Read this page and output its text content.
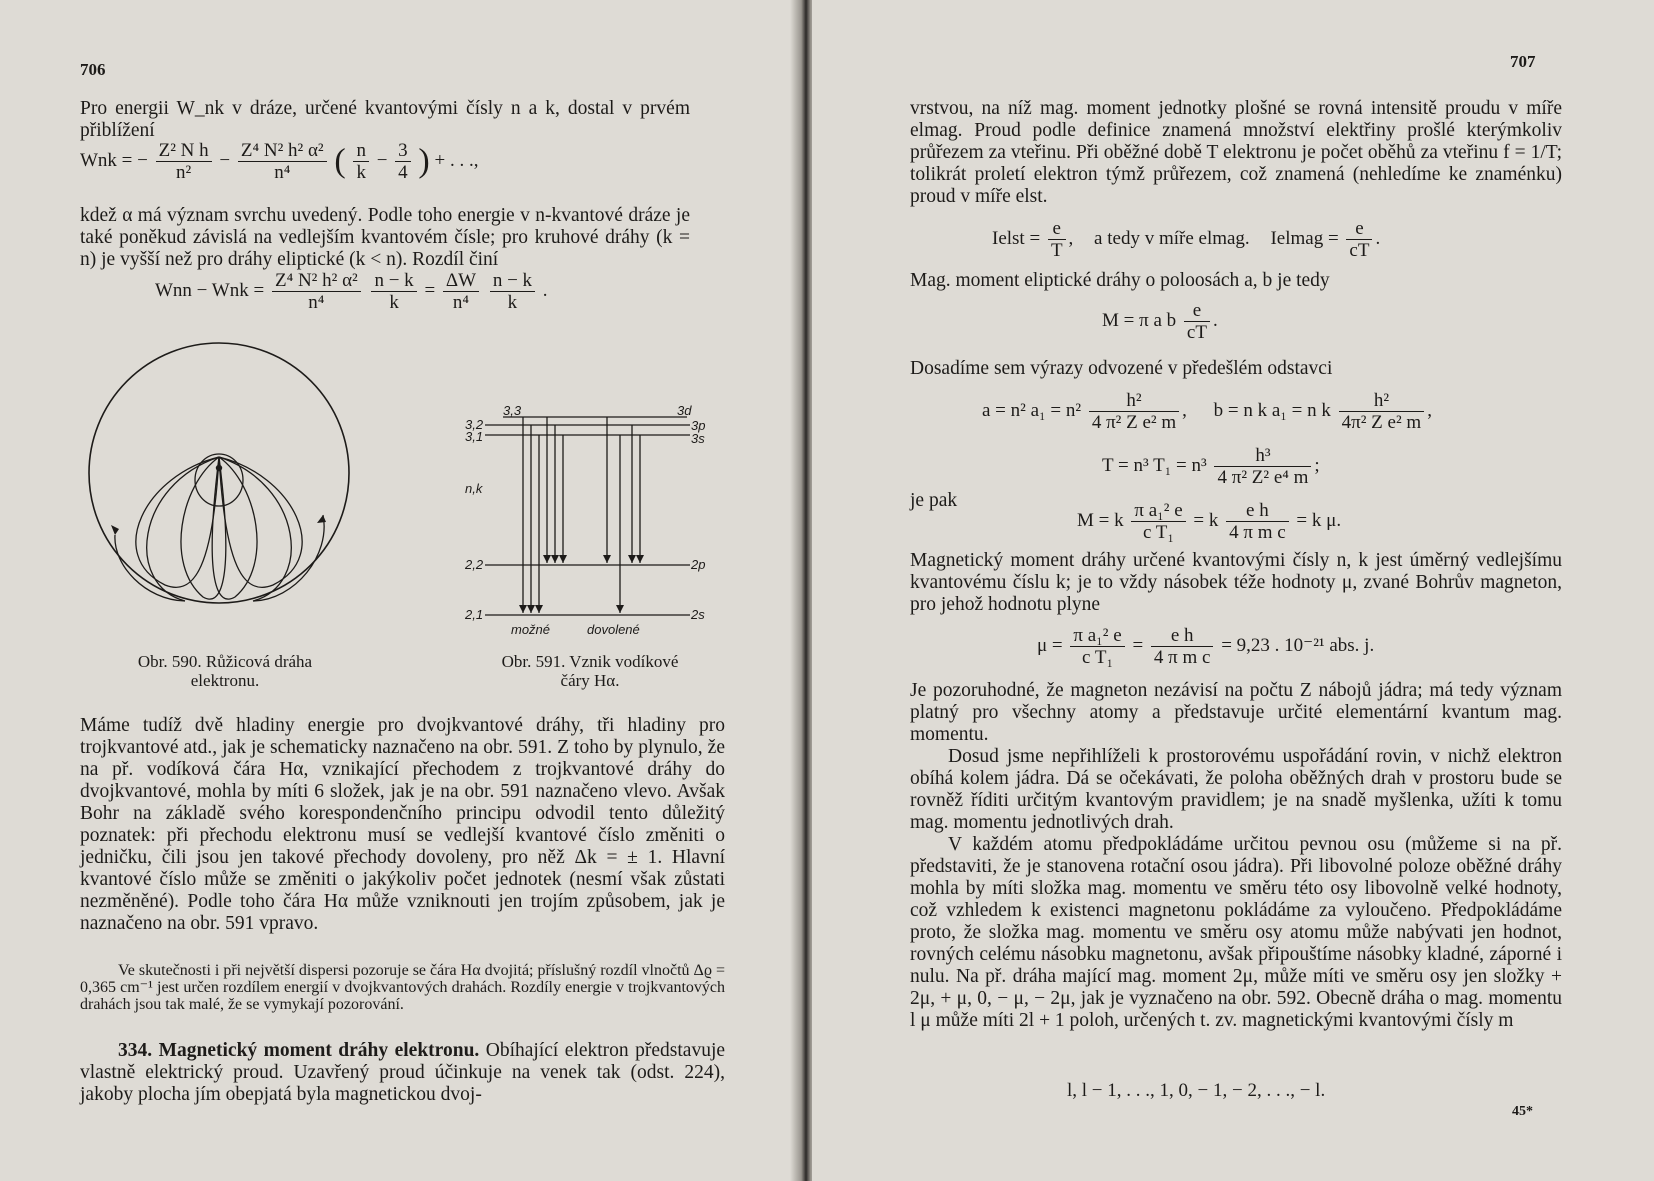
706
Pro energii W_nk v dráze, určené kvantovými čísly n a k, dostal v prvém přiblížení
Wnk = − $\frac{\text{Z² N h}}{\text{n²}} - \frac{\text{Z⁴ N² h² α²}}{\text{n⁴}}$ ( $\frac{n}{k} - \frac{3}{4}$ ) + . . .,
kdež α má význam svrchu uvedený. Podle toho energie v n-kvantové dráze je také poněkud závislá na vedlejším kvantovém čísle; pro kruhové dráhy (k = n) je vyšší než pro dráhy eliptické (k < n). Rozdíl činí
Wnn − Wnk = $\frac{\text{Z⁴ N² h² α²}}{\text{n⁴}}$
$\frac{n - k}{k} = \frac{\Delta W}{\text{n⁴}}$
$\frac{n - k}{k}$ .
Obr. 590. Růžicová dráha
elektronu.
3,3
3,2
3,1
n,k
2,2
2,1
3d
3p
3s
2p
2s
možné	dovolené
Obr. 591. Vznik vodíkové
čáry Hα.
Máme tudíž dvě hladiny energie pro dvojkvantové dráhy, tři hladiny pro trojkvantové atd., jak je schematicky naznačeno na obr. 591. Z toho by plynulo, že na př. vodíková čára Hα, vznikající přechodem z trojkvantové dráhy do dvojkvantové, mohla by míti 6 složek, jak je na obr. 591 naznačeno vlevo. Avšak Bohr na základě svého korespondenčního principu odvodil tento důležitý poznatek: při přechodu elektronu musí se vedlejší kvantové číslo změniti o jedničku, čili jsou jen takové přechody dovoleny, pro něž Δk = ± 1. Hlavní kvantové číslo může se změniti o jakýkoliv počet jednotek (nesmí však zůstati nezměněné). Podle toho čára Hα může vzniknouti jen trojím způsobem, jak je naznačeno na obr. 591 vpravo.
Ve skutečnosti i při největší dispersi pozoruje se čára Hα dvojitá; příslušný rozdíl vlnočtů Δϱ = 0,365 cm⁻¹ jest určen rozdílem energií v dvojkvantových drahách. Rozdíly energie v trojkvantových drahách jsou tak malé, že se vymykají pozorování.

334. Magnetický moment dráhy elektronu. Obíhající elektron představuje vlastně elektrický proud. Uzavřený proud účinkuje na venek tak (odst. 224), jakoby plocha jím obepjatá byla magnetickou dvoj-

707
vrstvou, na níž mag. moment jednotky plošné se rovná intensitě proudu v míře elmag. Proud podle definice znamená množství elektřiny prošlé kterýmkoliv průřezem za vteřinu. Při oběžné době T elektronu je počet oběhů za vteřinu f = 1/T; tolikrát proletí elektron týmž průřezem, což znamená (nehledíme ke znaménku) proud v míře elst.
Ielst = $\frac{e}{T}$ , a tedy v míře elmag. Ielmag = $\frac{e}{cT}$ .
Mag. moment eliptické dráhy o poloosách a, b je tedy
M = π a b $\frac{e}{cT}$ .
Dosadíme sem výrazy odvozené v předešlém odstavci
a = n² $a_1 = n^2 \frac{\text{h²}}{\text{4 π² Z e² m}}$ , b = n k a₁ = n k $\frac{\text{h²}}{\text{4π² Z e² m}}$ ,
T = n³ $T_1 = n^3 \frac{\text{h³}}{\text{4 π² Z² e⁴ m}}$ ;
je pak
M = k $\frac{\text{π a₁² e}}{\text{c T₁}} = k \frac{\text{e h}}{\text{4 π m c}} = k$ μ.
Magnetický moment dráhy určené kvantovými čísly n, k jest úměrný vedlejšímu kvantovému číslu k; je to vždy násobek téže hodnoty μ, zvané Bohrův magneton, pro jehož hodnotu plyne
$\mu = \frac{\text{π a₁² e}}{\text{c T₁}} = \frac{\text{e h}}{\text{4 π m c}} = 9,23$ . 10⁻²¹ abs. j.
Je pozoruhodné, že magneton nezávisí na počtu Z nábojů jádra; má tedy význam platný pro všechny atomy a představuje určité elementární kvantum mag. momentu.
Dosud jsme nepřihlíželi k prostorovému uspořádání rovin, v nichž elektron obíhá kolem jádra. Dá se očekávati, že poloha oběžných drah v prostoru bude se rovněž říditi určitým kvantovým pravidlem; je na snadě myšlenka, užíti k tomu mag. momentu jednotlivých drah.
V každém atomu předpokládáme určitou pevnou osu (můžeme si na př. představiti, že je stanovena rotační osou jádra). Při libovolné poloze oběžné dráhy mohla by míti složka mag. momentu ve směru této osy libovolně velké hodnoty, což vzhledem k existenci magnetonu pokládáme za vyloučeno. Předpokládáme proto, že složka mag. momentu ve směru osy atomu může nabývati jen hodnot, rovných celému násobku magnetonu, avšak připouštíme násobky kladné, záporné i nulu. Na př. dráha mající mag. moment 2μ, může míti ve směru osy jen složky + 2μ, + μ, 0, − μ, − 2μ, jak je vyznačeno na obr. 592. Obecně dráha o mag. momentu l μ může míti 2l + 1 poloh, určených t. zv. magnetickými kvantovými čísly m
l, l − 1, . . ., 1, 0, − 1, − 2, . . ., − l.
45*
